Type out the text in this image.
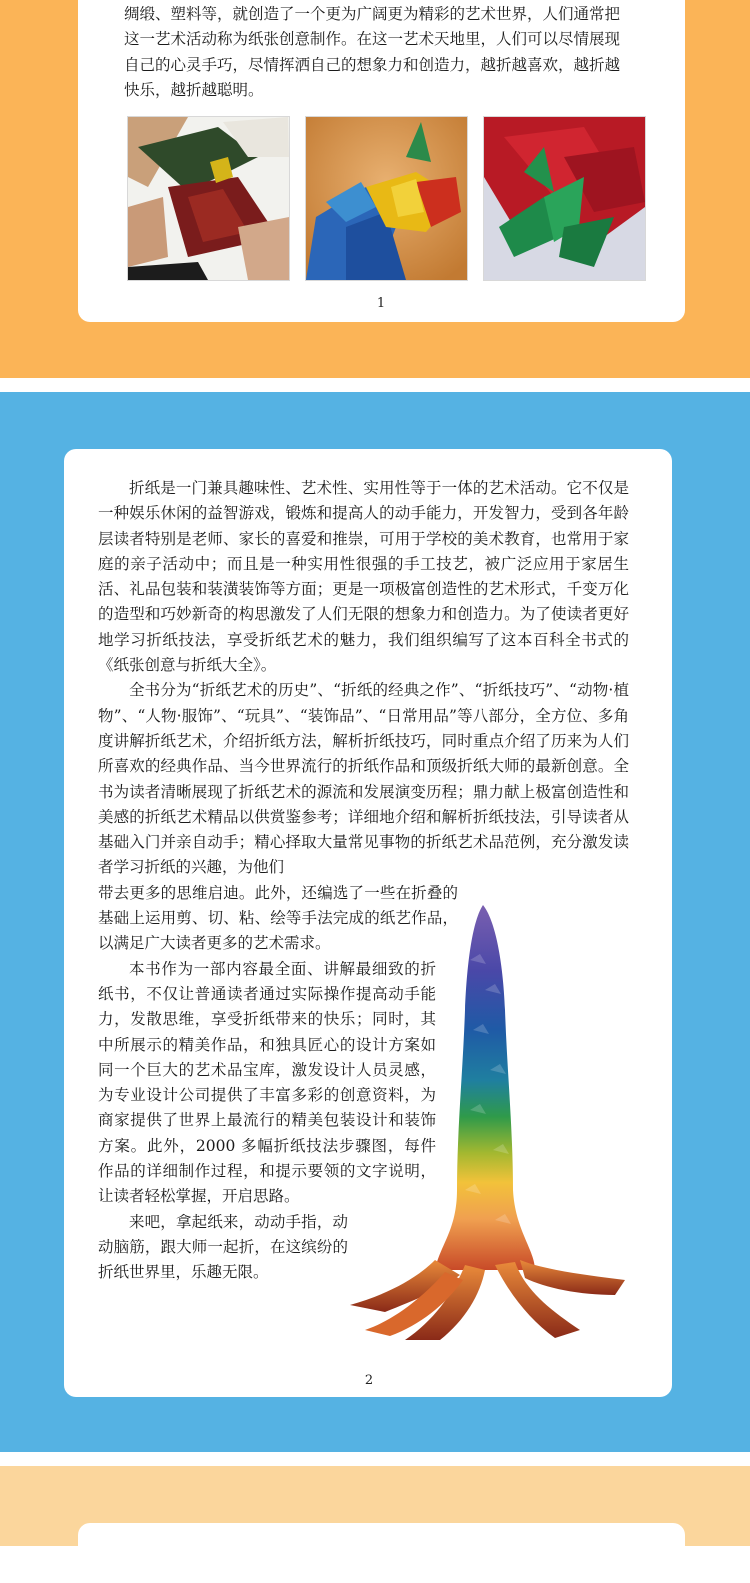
绸缎、塑料等，就创造了一个更为广阔更为精彩的艺术世界，人们通常把

这一艺术活动称为纸张创意制作。在这一艺术天地里，人们可以尽情展现

自己的心灵手巧，尽情挥洒自己的想象力和创造力，越折越喜欢，越折越

快乐，越折越聪明。

1

折纸是一门兼具趣味性、艺术性、实用性等于一体的艺术活动。它不仅是一种娱乐休闲的益智游戏，锻炼和提高人的动手能力，开发智力，受到各年龄层读者特别是老师、家长的喜爱和推崇，可用于学校的美术教育，也常用于家庭的亲子活动中；而且是一种实用性很强的手工技艺，被广泛应用于家居生活、礼品包装和装潢装饰等方面；更是一项极富创造性的艺术形式，千变万化的造型和巧妙新奇的构思激发了人们无限的想象力和创造力。为了使读者更好地学习折纸技法，享受折纸艺术的魅力，我们组织编写了这本百科全书式的《纸张创意与折纸大全》。

全书分为“折纸艺术的历史”、“折纸的经典之作”、“折纸技巧”、“动物·植物”、“人物·服饰”、“玩具”、“装饰品”、“日常用品”等八部分，全方位、多角度讲解折纸艺术，介绍折纸方法，解析折纸技巧，同时重点介绍了历来为人们所喜欢的经典作品、当今世界流行的折纸作品和顶级折纸大师的最新创意。全书为读者清晰展现了折纸艺术的源流和发展演变历程；鼎力献上极富创造性和美感的折纸艺术精品以供赏鉴参考；详细地介绍和解析折纸技法，引导读者从基础入门并亲自动手；精心择取大量常见事物的折纸艺术品范例，充分激发读者学习折纸的兴趣，为他们

带去更多的思维启迪。此外，还编选了一些在折叠的基础上运用剪、切、粘、绘等手法完成的纸艺作品，以满足广大读者更多的艺术需求。

本书作为一部内容最全面、讲解最细致的折纸书，不仅让普通读者通过实际操作提高动手能力，发散思维，享受折纸带来的快乐；同时，其中所展示的精美作品，和独具匠心的设计方案如同一个巨大的艺术品宝库，激发设计人员灵感，为专业设计公司提供了丰富多彩的创意资料，为商家提供了世界上最流行的精美包装设计和装饰方案。此外，2000 多幅折纸技法步骤图，每件作品的详细制作过程，和提示要领的文字说明，让读者轻松掌握，开启思路。

来吧，拿起纸来，动动手指，动动脑筋，跟大师一起折，在这缤纷的折纸世界里，乐趣无限。

2
